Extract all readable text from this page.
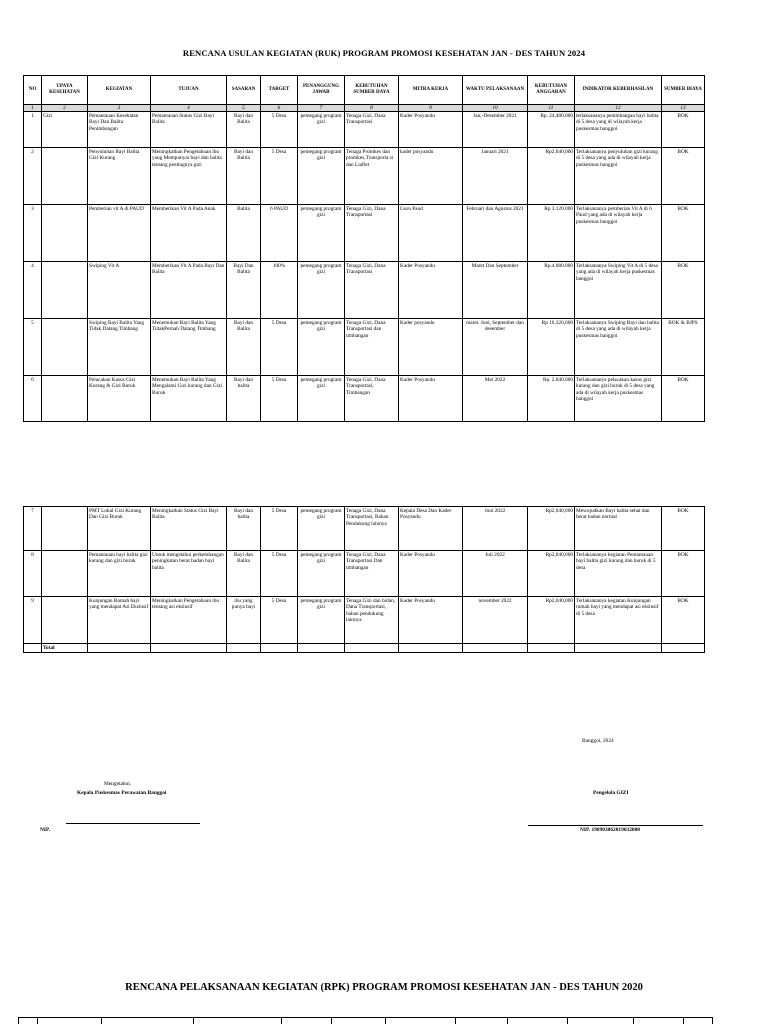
RENCANA USULAN KEGIATAN (RUK) PROGRAM PROMOSI KESEHATAN JAN - DES TAHUN 2024
NO	UPAYA KESEHATAN	KEGIATAN	TUJUAN	SASARAN	TARGET	PENANGGUNG JAWAB	KEBUTUHAN SUMBER DAYA	MITRA KERJA	WAKTU PELAKSANAAN	KEBUTUHAN ANGGARAN	INDIKATOR KEBERHASILAN	SUMBER BIAYA
1	2	3	4	5	6	7	8	9	10	11	12	13
1	Gizi	Pemantauan Kesehatan Bayi Dan Balita Penimbangan	Pemantauan Status Gizi Bayi Balita	Bayi dan Balita	5 Desa	pemegang program gizi	Tenaga Gizi, Dana Transportasi	Kader Posyandu	Jan,-Desember 2021	Rp. 24,480.000	terlaksananya penimbangan bayi balita di 5 desa yang di wilayah kerja puskesmas banggoi	BOK
2		Penyuluhan Bayi Balita Gizi Kurang	Meningkatkan Pengetahuan ibu yang Mempunyai bayi dan balita tentang pentingnya gizi	Bayi dan Balita	5 Desa	pemegang program gizi	Tenaga Promkes dan promkes,Transporta si dan Liaflet	kader posyandu	Januari 2021	Rp2,040,000	Terlaksananya penyuluhan gizi kurang di 5 desa yang ada di wilayah kerja puskesmas banggoi	BOK
3		Pemberian vit A di PAUD	Memberikan Vit A Pada Anak	Balita	6 PAUD	pemegang program gizi	Tenaga Gizi, Dana Transportasi	Guru Paud	Februari dan Agustus 2021	Rp 3.120.000	Terlaksananya pemberian Vit A di 6 Paud yang ada di wilayah kerja puskesmas banggoi	BOK
4		Swiping Vit A	Memberikan Vit A Pada Bayi Dan Balita	Bayi Dan Balita	100%	pemegang program gizi	Tenaga Gizi, Dana Transportasi	Kader Posyandu	Maret Dan September	Rp.4.080.000	Terlaksananya Swiping Vit A di 5 desa yang ada di wilayah kerja puskesmas banggoi	BOK
5		Swiping Bayi Balita Yang Tidak Datang Timbang	Menemukan Bayi Balita Yang TidakPernah Datang Timbang	Bayi dan Balita	5 Desa	pemegang program gizi	Tenaga Gizi, Dana Transportasi dan timbangan	Kader posyandu	maret. Juni, September dan desember	Rp 16,320,000	Terlaksananya Swiping Bayi dan balita di 5 desa yang ada di wilayah kerja puskesmas banggoi	BOK & BJPS
6		Pelacakan Kasus Gizi Kurang & Gizi Buruk	Menemukan Bayi Balita Yang Mengalami Gizi kurang dan Gizi Buruk	Bayi dan balita	5 Desa	pemegang program gizi	Tenaga Gizi, Dana Transportasi, Timbangan	Kader Posyandu	Mei 2022	Rp. 2.040.000	Terlaksananya pelacakan kasus gizi kurang dan gizi buruk di 5 desa yang ada di wilayah kerja puskesmas banggoi	BOK
7		PMT Lokal Gizi Kurang Dan Gizi Buruk	Meningkatkan Status Gizi Bayi Balita	Bayi dan balita	5 Desa	pemegang program gizi	Tenaga Gizi, Dana Transportasi, Bahan Pendukung lainnya	Kepala Desa Dan Kader Posyandu	Juni 2022	Rp2,040,000	Mewujudkan Bayi balita sehat dan berat badan normal	BOK
8		Pemantauan bayi balita gizi kurang dan gizi buruk	Untuk mengetahui perkembangan peningkatan berat badan bayi balita	Bayi dan Balita	5 Desa	pemegang program gizi	Tenaga Gizi, Dana Transportasi Dan timbangan	Kader Posyandu	Juli 2022	Rp2,040,000	Terlaksananya kegiatan Pemantauan bayi balita gizi kurang dan buruk di 5 desa	BOK
9		Kunjungan Rumah bayi yang mendapat Asi Ekslusif	Meningkatkan Pengetahuan ibu tentang asi ekslusif	ibu yang punya bayi	5 Desa	pemegang program gizi	Tenaga Gizi dan bidan, Dana Transportasi, bahan pendukung lainnya	Kader Posyandu	november 2022	Rp2,040,000	Terlaksananya kegiatan Kunjungan rumah bayi yang mendapat asi ekslusif di 5 desa	BOK
	Total											
Banggoi, 2024
Mengetahui,
Kepala Puskesmas Perawatan Banggoi	Pengelola GIZI
NIP.	NIP. 198903062019032008
RENCANA PELAKSANAAN KEGIATAN (RPK) PROGRAM PROMOSI KESEHATAN JAN - DES TAHUN 2020
